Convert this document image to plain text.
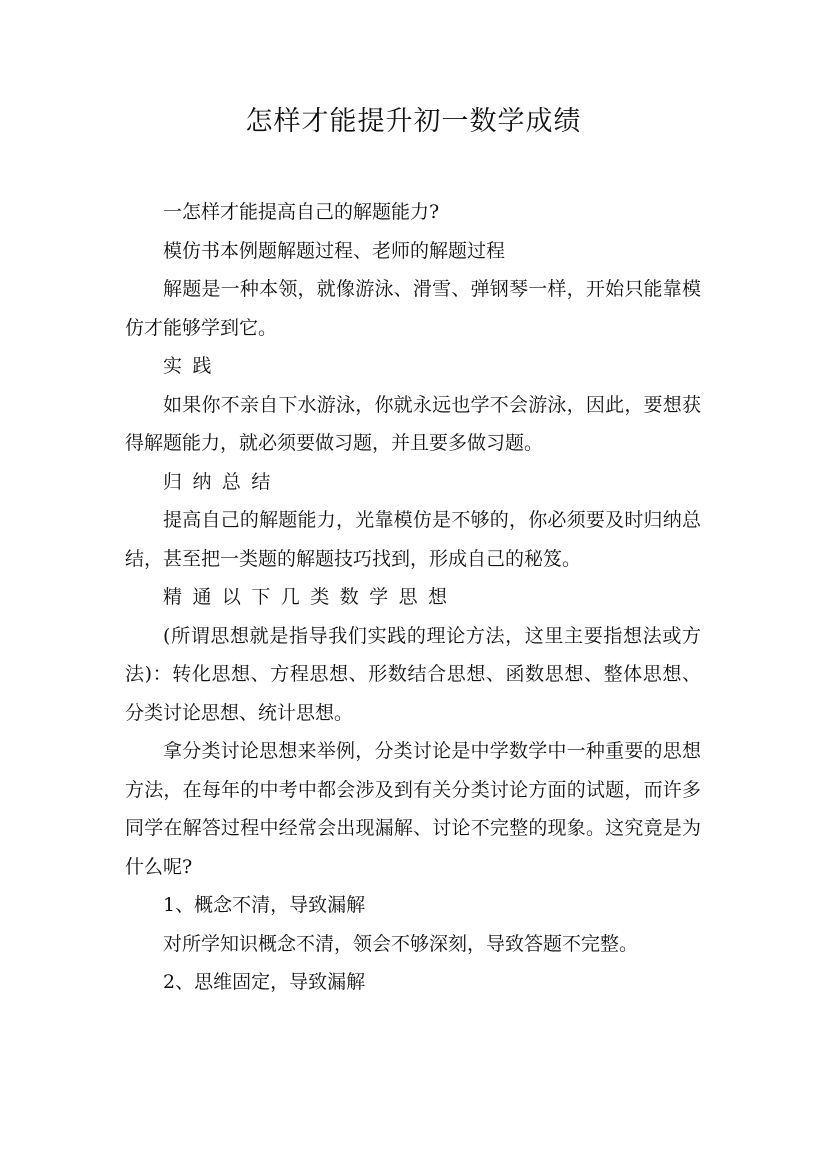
怎样才能提升初一数学成绩

一怎样才能提高自己的解题能力?

模仿书本例题解题过程、老师的解题过程

解题是一种本领，就像游泳、滑雪、弹钢琴一样，开始只能靠模仿才能够学到它。

实践

如果你不亲自下水游泳，你就永远也学不会游泳，因此，要想获得解题能力，就必须要做习题，并且要多做习题。

归纳总结

提高自己的解题能力，光靠模仿是不够的，你必须要及时归纳总结，甚至把一类题的解题技巧找到，形成自己的秘笈。

精通以下几类数学思想

(所谓思想就是指导我们实践的理论方法，这里主要指想法或方法)：转化思想、方程思想、形数结合思想、函数思想、整体思想、分类讨论思想、统计思想。

拿分类讨论思想来举例，分类讨论是中学数学中一种重要的思想方法，在每年的中考中都会涉及到有关分类讨论方面的试题，而许多同学在解答过程中经常会出现漏解、讨论不完整的现象。这究竟是为什么呢?

1、概念不清，导致漏解

对所学知识概念不清，领会不够深刻，导致答题不完整。

2、思维固定，导致漏解
